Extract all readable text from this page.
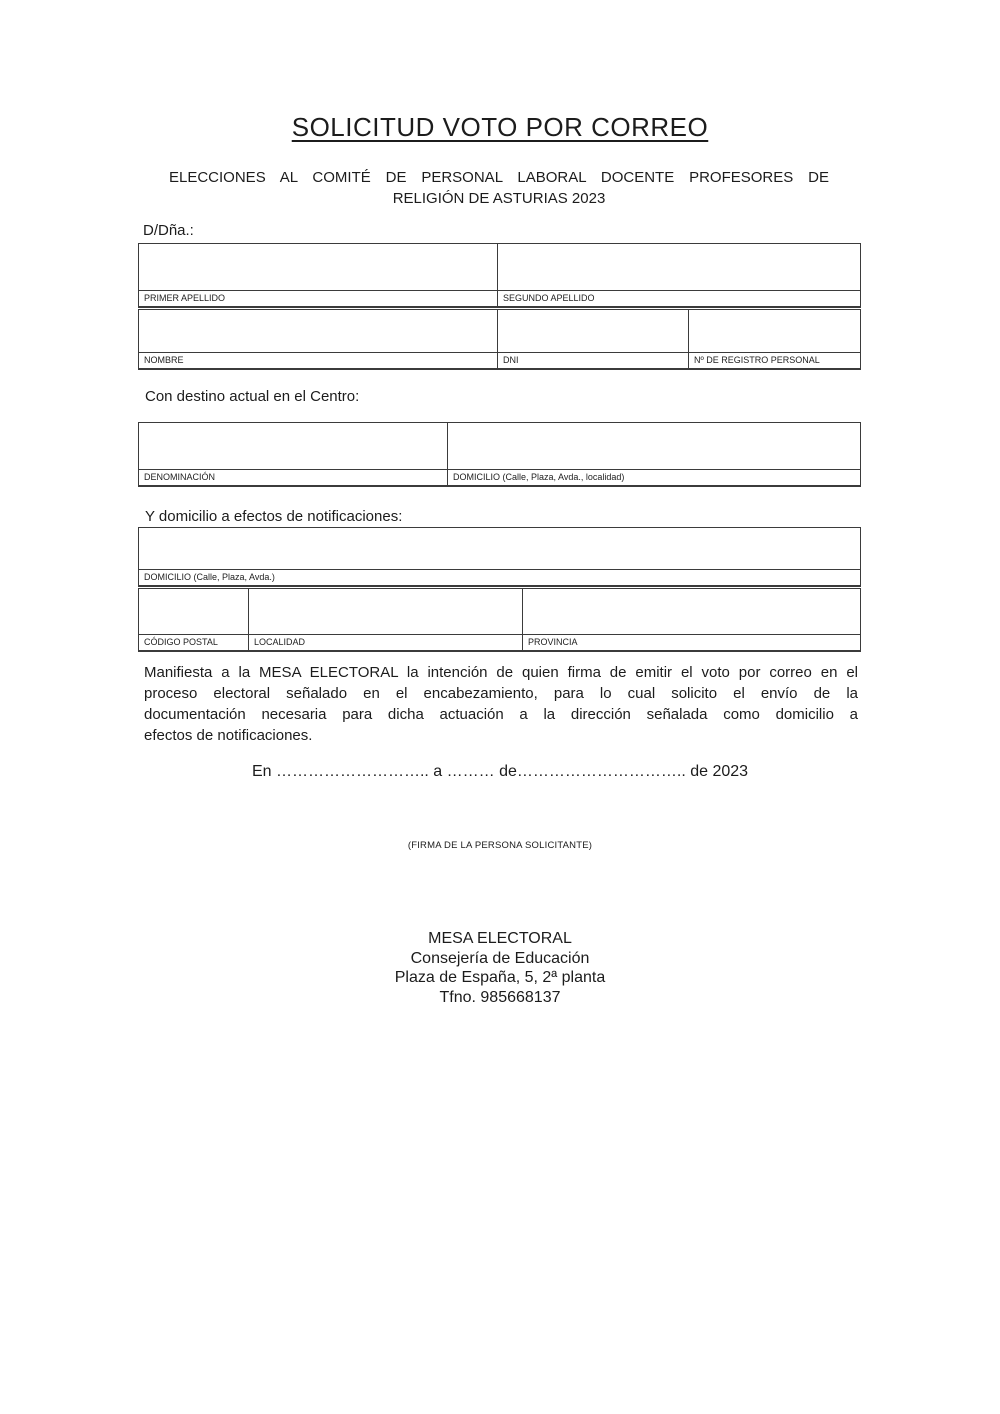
SOLICITUD VOTO POR CORREO
ELECCIONES AL COMITÉ DE PERSONAL LABORAL DOCENTE PROFESORES DE
RELIGIÓN DE ASTURIAS 2023
D/Dña.:

PRIMER APELLIDO	SEGUNDO APELLIDO

NOMBRE	DNI	Nº DE REGISTRO PERSONAL
Con destino actual en el Centro:

DENOMINACIÓN	DOMICILIO (Calle, Plaza, Avda., localidad)
Y domicilio a efectos de notificaciones:

DOMICILIO (Calle, Plaza, Avda.)

CÓDIGO POSTAL	LOCALIDAD	PROVINCIA
Manifiesta a la MESA ELECTORAL la intención de quien firma de emitir el voto por correo en el
proceso electoral señalado en el encabezamiento, para lo cual solicito el envío de la
documentación necesaria para dicha actuación a la dirección señalada como domicilio a
efectos de notificaciones.
En ……………………….. a ……… de………………………….. de 2023
(FIRMA DE LA PERSONA SOLICITANTE)
MESA ELECTORAL
Consejería de Educación
Plaza de España, 5, 2ª planta
Tfno. 985668137
